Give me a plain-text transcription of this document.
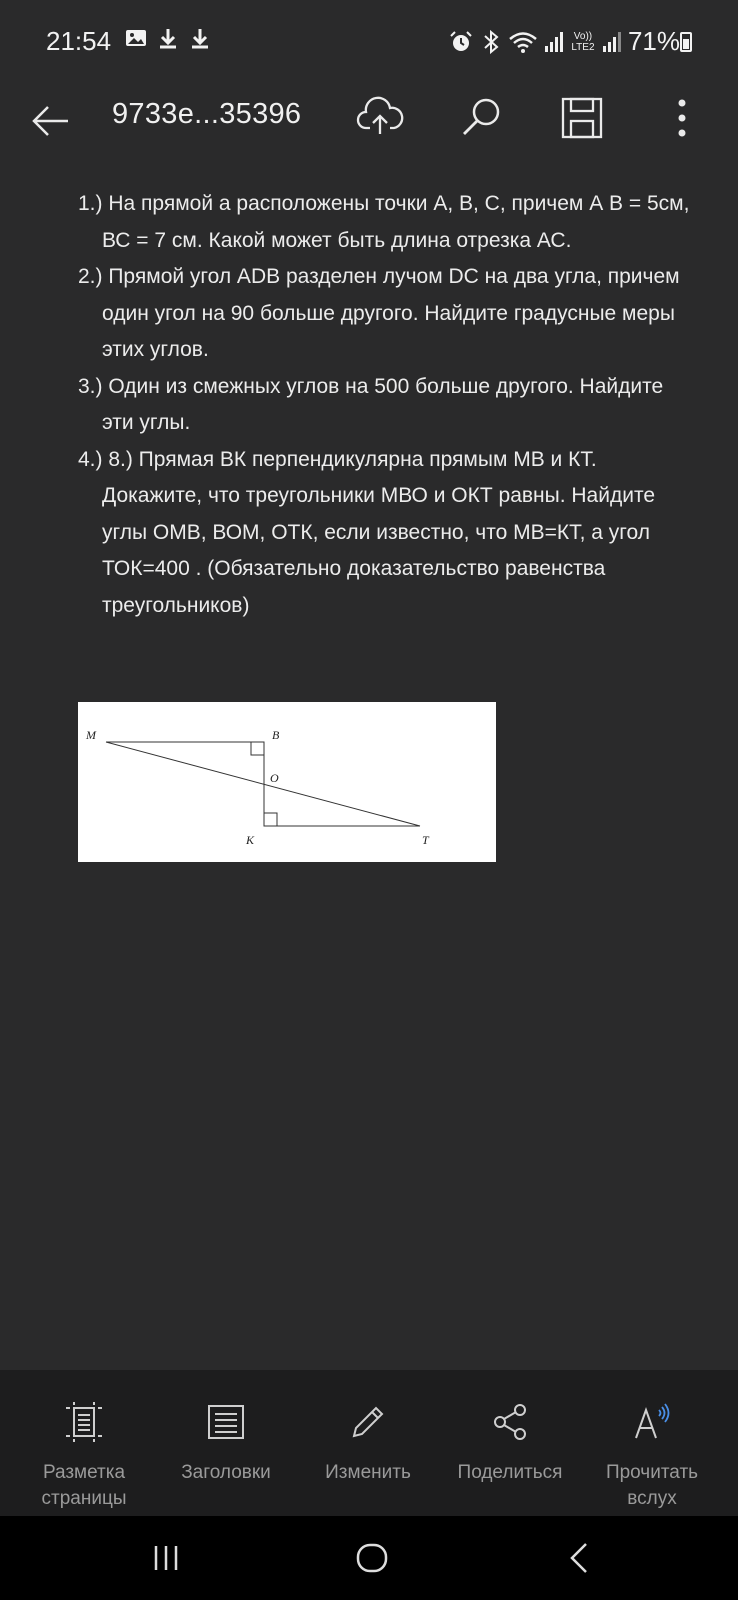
21:54	Vo)) LTE2 71%
9733e...35396

1.) На прямой а расположены точки А, В, С, причем А В = 5см, ВС = 7 см. Какой может быть длина отрезка АС.

2.) Прямой угол АDВ разделен лучом DС на два угла, причем один угол на 90 больше другого. Найдите градусные меры этих углов.

3.) Один из смежных углов на 500 больше другого. Найдите эти углы.

4.) 8.) Прямая ВК перпендикулярна прямым МВ и КТ. Докажите, что треугольники МВО и ОКТ равны. Найдите углы ОМВ, ВОМ, ОТК, если известно, что МВ=КТ, а угол ТОК=400 . (Обязательно доказательство равенства треугольников)

M	B
O
K	T
Разметка страницы
Заголовки	Изменить	Поделиться	Прочитать вслух
